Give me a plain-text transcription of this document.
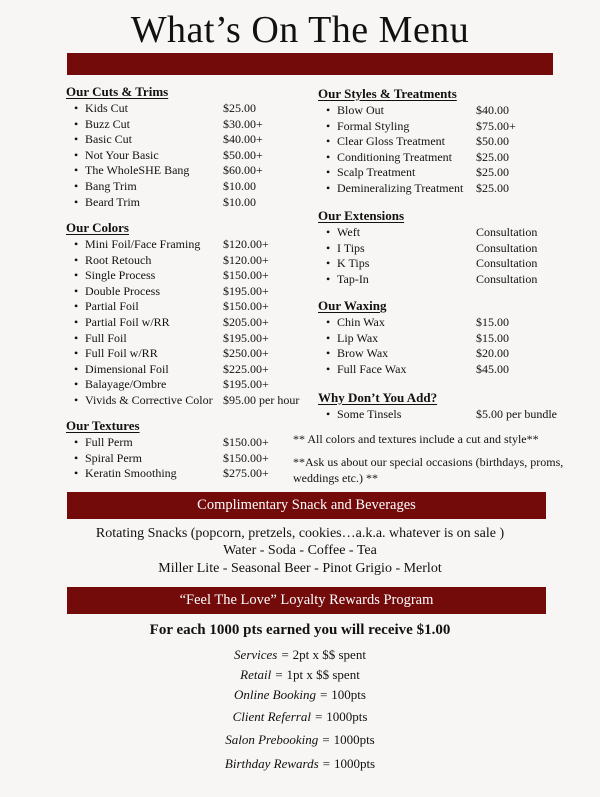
What’s On The Menu
** All colors and textures include a cut and style**
**Ask us about our special occasions (birthdays, proms, weddings etc.) **
Complimentary Snack and Beverages
Rotating Snacks (popcorn, pretzels, cookies…a.k.a. whatever is on sale )
Water - Soda - Coffee - Tea
Miller Lite - Seasonal Beer - Pinot Grigio - Merlot
“Feel The Love” Loyalty Rewards Program
For each 1000 pts earned you will receive $1.00
Our Cuts & Trims
• Kids Cut	$25.00
• Buzz Cut	$30.00+
• Basic Cut	$40.00+
• Not Your Basic	$50.00+
• The WholeSHE Bang	$60.00+
• Bang Trim	$10.00
• Beard Trim	$10.00
Our Colors
• Mini Foil/Face Framing	$120.00+
• Root Retouch	$120.00+
• Single Process	$150.00+
• Double Process	$195.00+
• Partial Foil	$150.00+
• Partial Foil w/RR	$205.00+
• Full Foil	$195.00+
• Full Foil w/RR	$250.00+
• Dimensional Foil	$225.00+
• Balayage/Ombre	$195.00+
• Vivids & Corrective Color $95.00 per hour
Our Textures
• Full Perm	$150.00+
• Spiral Perm	$150.00+
• Keratin Smoothing	$275.00+
Our Styles & Treatments
• Blow Out	$40.00
• Formal Styling	$75.00+
• Clear Gloss Treatment	$50.00
• Conditioning Treatment	$25.00
• Scalp Treatment	$25.00
• Demineralizing Treatment	$25.00
Our Extensions
• Weft	Consultation
• I Tips	Consultation
• K Tips	Consultation
• Tap-In	Consultation
Our Waxing
• Chin Wax	$15.00
• Lip Wax	$15.00
• Brow Wax	$20.00
• Full Face Wax	$45.00
Why Don’t You Add?
• Some Tinsels	$5.00 per bundle
Services = 2pt x $$ spent
Retail = 1pt x $$ spent
Online Booking = 100pts
Client Referral = 1000pts
Salon Prebooking = 1000pts
Birthday Rewards = 1000pts
